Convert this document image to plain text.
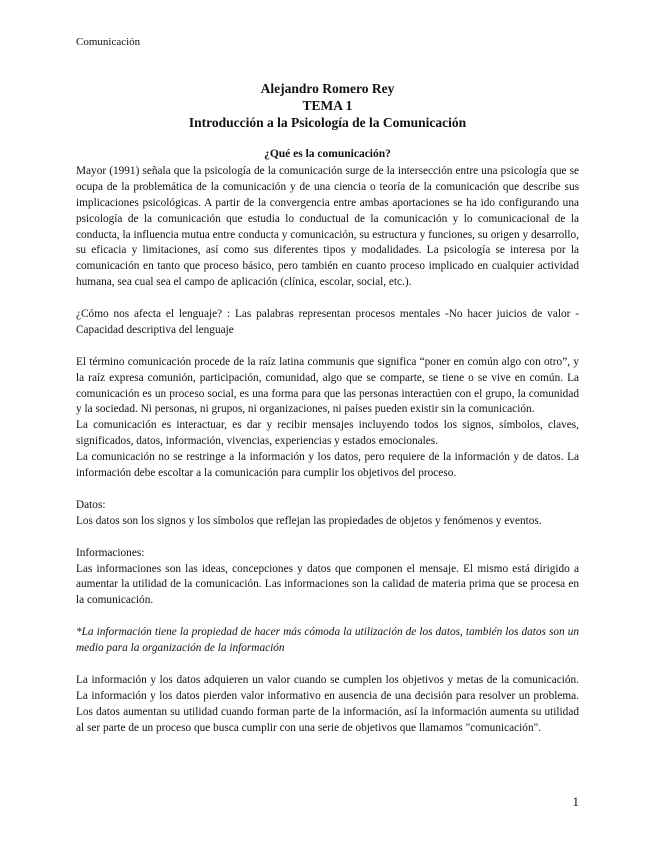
Comunicación
Alejandro Romero Rey
TEMA 1
Introducción a la Psicología de la Comunicación

¿Qué es la comunicación?

Mayor (1991) señala que la psicología de la comunicación surge de la intersección entre una psicología que se ocupa de la problemática de la comunicación y de una ciencia o teoría de la comunicación que describe sus implicaciones psicológicas. A partir de la convergencia entre ambas aportaciones se ha ido configurando una psicología de la comunicación que estudia lo conductual de la comunicación y lo comunicacional de la conducta, la influencia mutua entre conducta y comunicación, su estructura y funciones, su origen y desarrollo, su eficacia y limitaciones, así como sus diferentes tipos y modalidades. La psicología se interesa por la comunicación en tanto que proceso básico, pero también en cuanto proceso implicado en cualquier actividad humana, sea cual sea el campo de aplicación (clínica, escolar, social, etc.).

¿Cómo nos afecta el lenguaje? : Las palabras representan procesos mentales -No hacer juicios de valor -Capacidad descriptiva del lenguaje

El término comunicación procede de la raíz latina communis que significa “poner en común algo con otro”, y la raíz expresa comunión, participación, comunidad, algo que se comparte, se tiene o se vive en común. La comunicación es un proceso social, es una forma para que las personas interactúen con el grupo, la comunidad y la sociedad. Ni personas, ni grupos, ni organizaciones, ni países pueden existir sin la comunicación.

La comunicación es interactuar, es dar y recibir mensajes incluyendo todos los signos, símbolos, claves, significados, datos, información, vivencias, experiencias y estados emocionales.

La comunicación no se restringe a la información y los datos, pero requiere de la información y de datos. La información debe escoltar a la comunicación para cumplir los objetivos del proceso.

Datos:

Los datos son los signos y los símbolos que reflejan las propiedades de objetos y fenómenos y eventos.

Informaciones:

Las informaciones son las ideas, concepciones y datos que componen el mensaje. El mismo está dirigido a aumentar la utilidad de la comunicación. Las informaciones son la calidad de materia prima que se procesa en la comunicación.

*La información tiene la propiedad de hacer más cómoda la utilización de los datos, también los datos son un medio para la organización de la información

La información y los datos adquieren un valor cuando se cumplen los objetivos y metas de la comunicación. La información y los datos pierden valor informativo en ausencia de una decisión para resolver un problema. Los datos aumentan su utilidad cuando forman parte de la información, así la información aumenta su utilidad al ser parte de un proceso que busca cumplir con una serie de objetivos que llamamos "comunicación".

1
